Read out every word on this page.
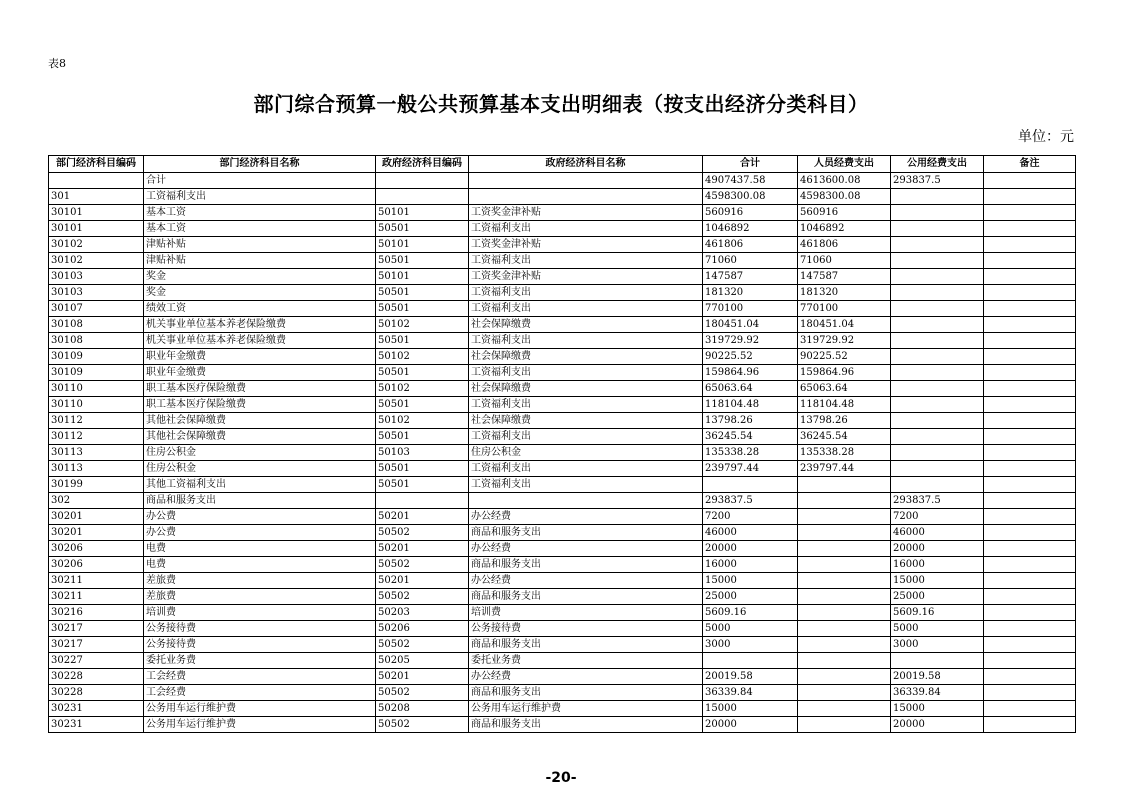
表8
部门综合预算一般公共预算基本支出明细表（按支出经济分类科目）
单位：元
部门经济科目编码	部门经济科目名称	政府经济科目编码	政府经济科目名称	合计	人员经费支出	公用经费支出	备注
	合计			4907437.58	4613600.08	293837.5	
301	工资福利支出			4598300.08	4598300.08		
30101	基本工资	50101	工资奖金津补贴	560916	560916		
30101	基本工资	50501	工资福利支出	1046892	1046892		
30102	津贴补贴	50101	工资奖金津补贴	461806	461806		
30102	津贴补贴	50501	工资福利支出	71060	71060		
30103	奖金	50101	工资奖金津补贴	147587	147587		
30103	奖金	50501	工资福利支出	181320	181320		
30107	绩效工资	50501	工资福利支出	770100	770100		
30108	机关事业单位基本养老保险缴费	50102	社会保障缴费	180451.04	180451.04		
30108	机关事业单位基本养老保险缴费	50501	工资福利支出	319729.92	319729.92		
30109	职业年金缴费	50102	社会保障缴费	90225.52	90225.52		
30109	职业年金缴费	50501	工资福利支出	159864.96	159864.96		
30110	职工基本医疗保险缴费	50102	社会保障缴费	65063.64	65063.64		
30110	职工基本医疗保险缴费	50501	工资福利支出	118104.48	118104.48		
30112	其他社会保障缴费	50102	社会保障缴费	13798.26	13798.26		
30112	其他社会保障缴费	50501	工资福利支出	36245.54	36245.54		
30113	住房公积金	50103	住房公积金	135338.28	135338.28		
30113	住房公积金	50501	工资福利支出	239797.44	239797.44		
30199	其他工资福利支出	50501	工资福利支出				
302	商品和服务支出			293837.5		293837.5	
30201	办公费	50201	办公经费	7200		7200	
30201	办公费	50502	商品和服务支出	46000		46000	
30206	电费	50201	办公经费	20000		20000	
30206	电费	50502	商品和服务支出	16000		16000	
30211	差旅费	50201	办公经费	15000		15000	
30211	差旅费	50502	商品和服务支出	25000		25000	
30216	培训费	50203	培训费	5609.16		5609.16	
30217	公务接待费	50206	公务接待费	5000		5000	
30217	公务接待费	50502	商品和服务支出	3000		3000	
30227	委托业务费	50205	委托业务费				
30228	工会经费	50201	办公经费	20019.58		20019.58	
30228	工会经费	50502	商品和服务支出	36339.84		36339.84	
30231	公务用车运行维护费	50208	公务用车运行维护费	15000		15000	
30231	公务用车运行维护费	50502	商品和服务支出	20000		20000	
-20-
